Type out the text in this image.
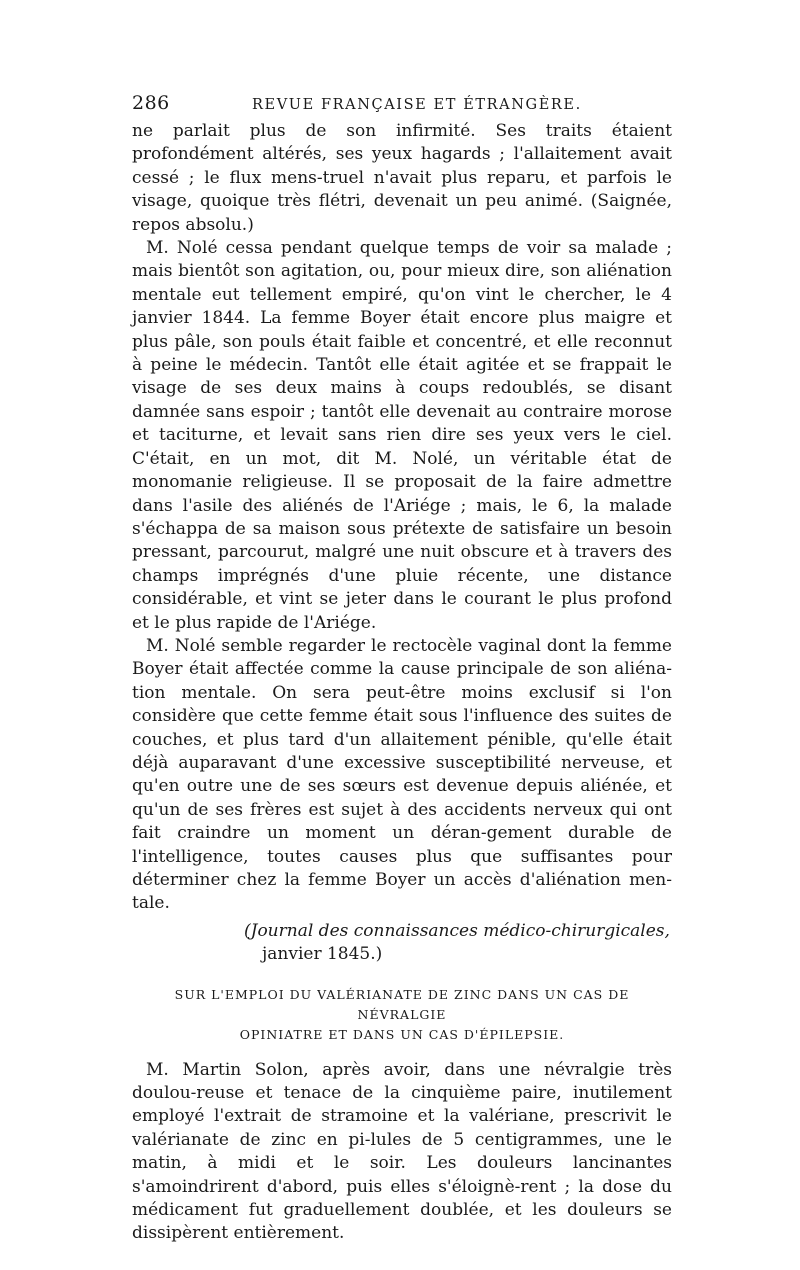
286	REVUE FRANÇAISE ET ÉTRANGÈRE.

ne parlait plus de son infirmité. Ses traits étaient profondément altérés, ses yeux hagards ; l'allaitement avait cessé ; le flux mens-truel n'avait plus reparu, et parfois le visage, quoique très flétri, devenait un peu animé. (Saignée, repos absolu.)

M. Nolé cessa pendant quelque temps de voir sa malade ; mais bientôt son agitation, ou, pour mieux dire, son aliénation mentale eut tellement empiré, qu'on vint le chercher, le 4 janvier 1844. La femme Boyer était encore plus maigre et plus pâle, son pouls était faible et concentré, et elle reconnut à peine le médecin. Tantôt elle était agitée et se frappait le visage de ses deux mains à coups redoublés, se disant damnée sans espoir ; tantôt elle devenait au contraire morose et taciturne, et levait sans rien dire ses yeux vers le ciel. C'était, en un mot, dit M. Nolé, un véritable état de monomanie religieuse. Il se proposait de la faire admettre dans l'asile des aliénés de l'Ariége ; mais, le 6, la malade s'échappa de sa maison sous prétexte de satisfaire un besoin pressant, parcourut, malgré une nuit obscure et à travers des champs imprégnés d'une pluie récente, une distance considérable, et vint se jeter dans le courant le plus profond et le plus rapide de l'Ariége.

M. Nolé semble regarder le rectocèle vaginal dont la femme Boyer était affectée comme la cause principale de son aliéna-tion mentale. On sera peut-être moins exclusif si l'on considère que cette femme était sous l'influence des suites de couches, et plus tard d'un allaitement pénible, qu'elle était déjà auparavant d'une excessive susceptibilité nerveuse, et qu'en outre une de ses sœurs est devenue depuis aliénée, et qu'un de ses frères est sujet à des accidents nerveux qui ont fait craindre un moment un déran-gement durable de l'intelligence, toutes causes plus que suffisantes pour déterminer chez la femme Boyer un accès d'aliénation men-tale.

(Journal des connaissances médico-chirurgicales,
janvier 1845.)
SUR L'EMPLOI DU VALÉRIANATE DE ZINC DANS UN CAS DE NÉVRALGIE
OPINIATRE ET DANS UN CAS D'ÉPILEPSIE.

M. Martin Solon, après avoir, dans une névralgie très doulou-reuse et tenace de la cinquième paire, inutilement employé l'extrait de stramoine et la valériane, prescrivit le valérianate de zinc en pi-lules de 5 centigrammes, une le matin, à midi et le soir. Les douleurs lancinantes s'amoindrirent d'abord, puis elles s'éloignè-rent ; la dose du médicament fut graduellement doublée, et les douleurs se dissipèrent entièrement.
